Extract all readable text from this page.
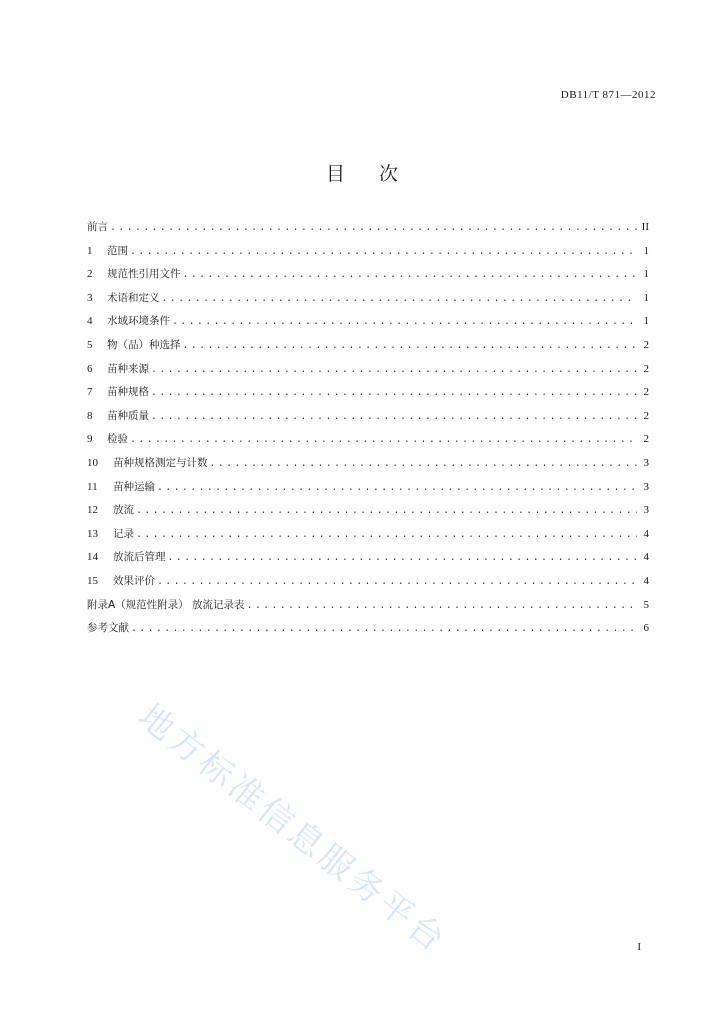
DB11/T 871—2012
目次
前言 .....	II
1	范围 .....	1
2	规范性引用文件 .....	1
3	术语和定义 .....	1
4	水域环境条件 .....	1
5	物（品）种选择 .....	2
6	苗种来源 .....	2
7	苗种规格 .....	2
8	苗种质量 .....	2
9	检验 .....	2
10	苗种规格测定与计数 .....	3
11	苗种运输 .....	3
12	放流 .....	3
13	记录 .....	4
14	放流后管理 .....	4
15	效果评价 .....	4
附录A（规范性附录） 放流记录表 .....	5
参考文献 .....	6
地方标准信息服务平台	I
